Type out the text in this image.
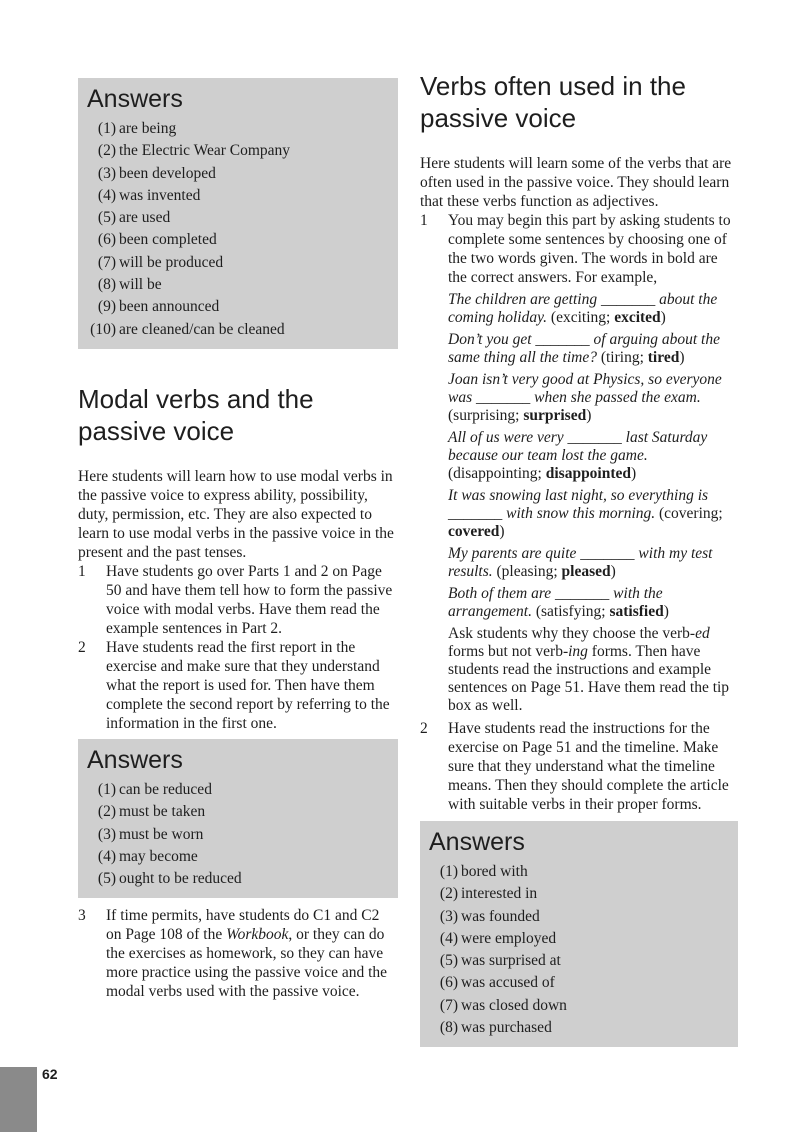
62
Answers
(1) are being
(2) the Electric Wear Company
(3) been developed
(4) was invented
(5) are used
(6) been completed
(7) will be produced
(8) will be
(9) been announced
(10) are cleaned/can be cleaned
Modal verbs and the
passive voice

Here students will learn how to use modal verbs in the passive voice to express ability, possibility, duty, permission, etc. They are also expected to learn to use modal verbs in the passive voice in the present and the past tenses.

1 Have students go over Parts 1 and 2 on Page 50 and have them tell how to form the passive voice with modal verbs. Have them read the example sentences in Part 2.
2 Have students read the first report in the exercise and make sure that they understand what the report is used for. Then have them complete the second report by referring to the information in the first one.
Answers
(1) can be reduced
(2) must be taken
(3) must be worn
(4) may become
(5) ought to be reduced
3 If time permits, have students do C1 and C2 on Page 108 of the Workbook, or they can do the exercises as homework, so they can have more practice using the passive voice and the modal verbs used with the passive voice.
Verbs often used in the
passive voice

Here students will learn some of the verbs that are often used in the passive voice. They should learn that these verbs function as adjectives.

1 You may begin this part by asking students to complete some sentences by choosing one of the two words given. The words in bold are the correct answers. For example,
The children are getting _______ about the coming holiday. (exciting; excited)
Don’t you get _______ of arguing about the same thing all the time? (tiring; tired)
Joan isn’t very good at Physics, so everyone was _______ when she passed the exam. (surprising; surprised)
All of us were very _______ last Saturday because our team lost the game. (disappointing; disappointed)
It was snowing last night, so everything is _______ with snow this morning. (covering; covered)
My parents are quite _______ with my test results. (pleasing; pleased)
Both of them are _______ with the arrangement. (satisfying; satisfied)
Ask students why they choose the verb-ed forms but not verb-ing forms. Then have students read the instructions and example sentences on Page 51. Have them read the tip box as well.
2 Have students read the instructions for the exercise on Page 51 and the timeline. Make sure that they understand what the timeline means. Then they should complete the article with suitable verbs in their proper forms.
Answers
(1) bored with
(2) interested in
(3) was founded
(4) were employed
(5) was surprised at
(6) was accused of
(7) was closed down
(8) was purchased
